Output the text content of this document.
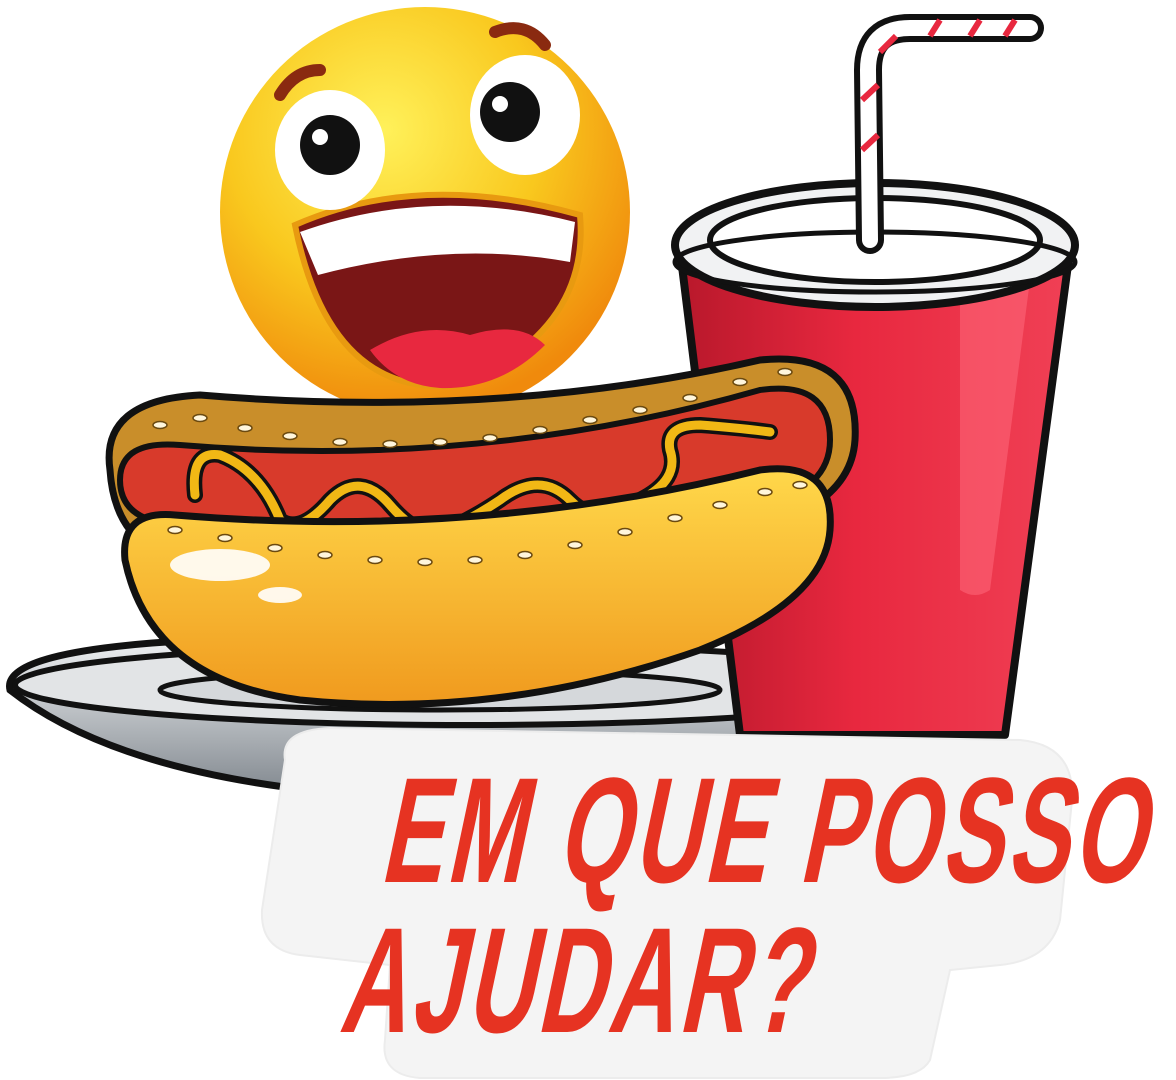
EM QUE POSSO
AJUDAR?
